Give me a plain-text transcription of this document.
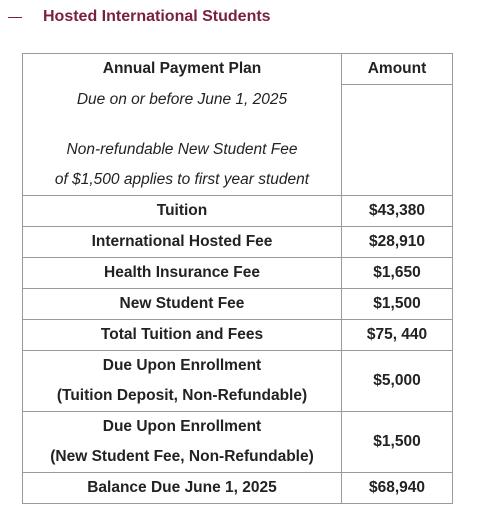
Hosted International Students
Annual Payment Plan	Amount

Due on or before June 1, 2025
Non-refundable New Student Fee
of $1,500 applies to first year student	

Tuition	$43,380
International Hosted Fee	$28,910
Health Insurance Fee	$1,650
New Student Fee	$1,500
Total Tuition and Fees	$75, 440

Due Upon Enrollment
(Tuition Deposit, Non-Refundable)	$5,000

Due Upon Enrollment
(New Student Fee, Non-Refundable)	$1,500
Balance Due June 1, 2025	$68,940
